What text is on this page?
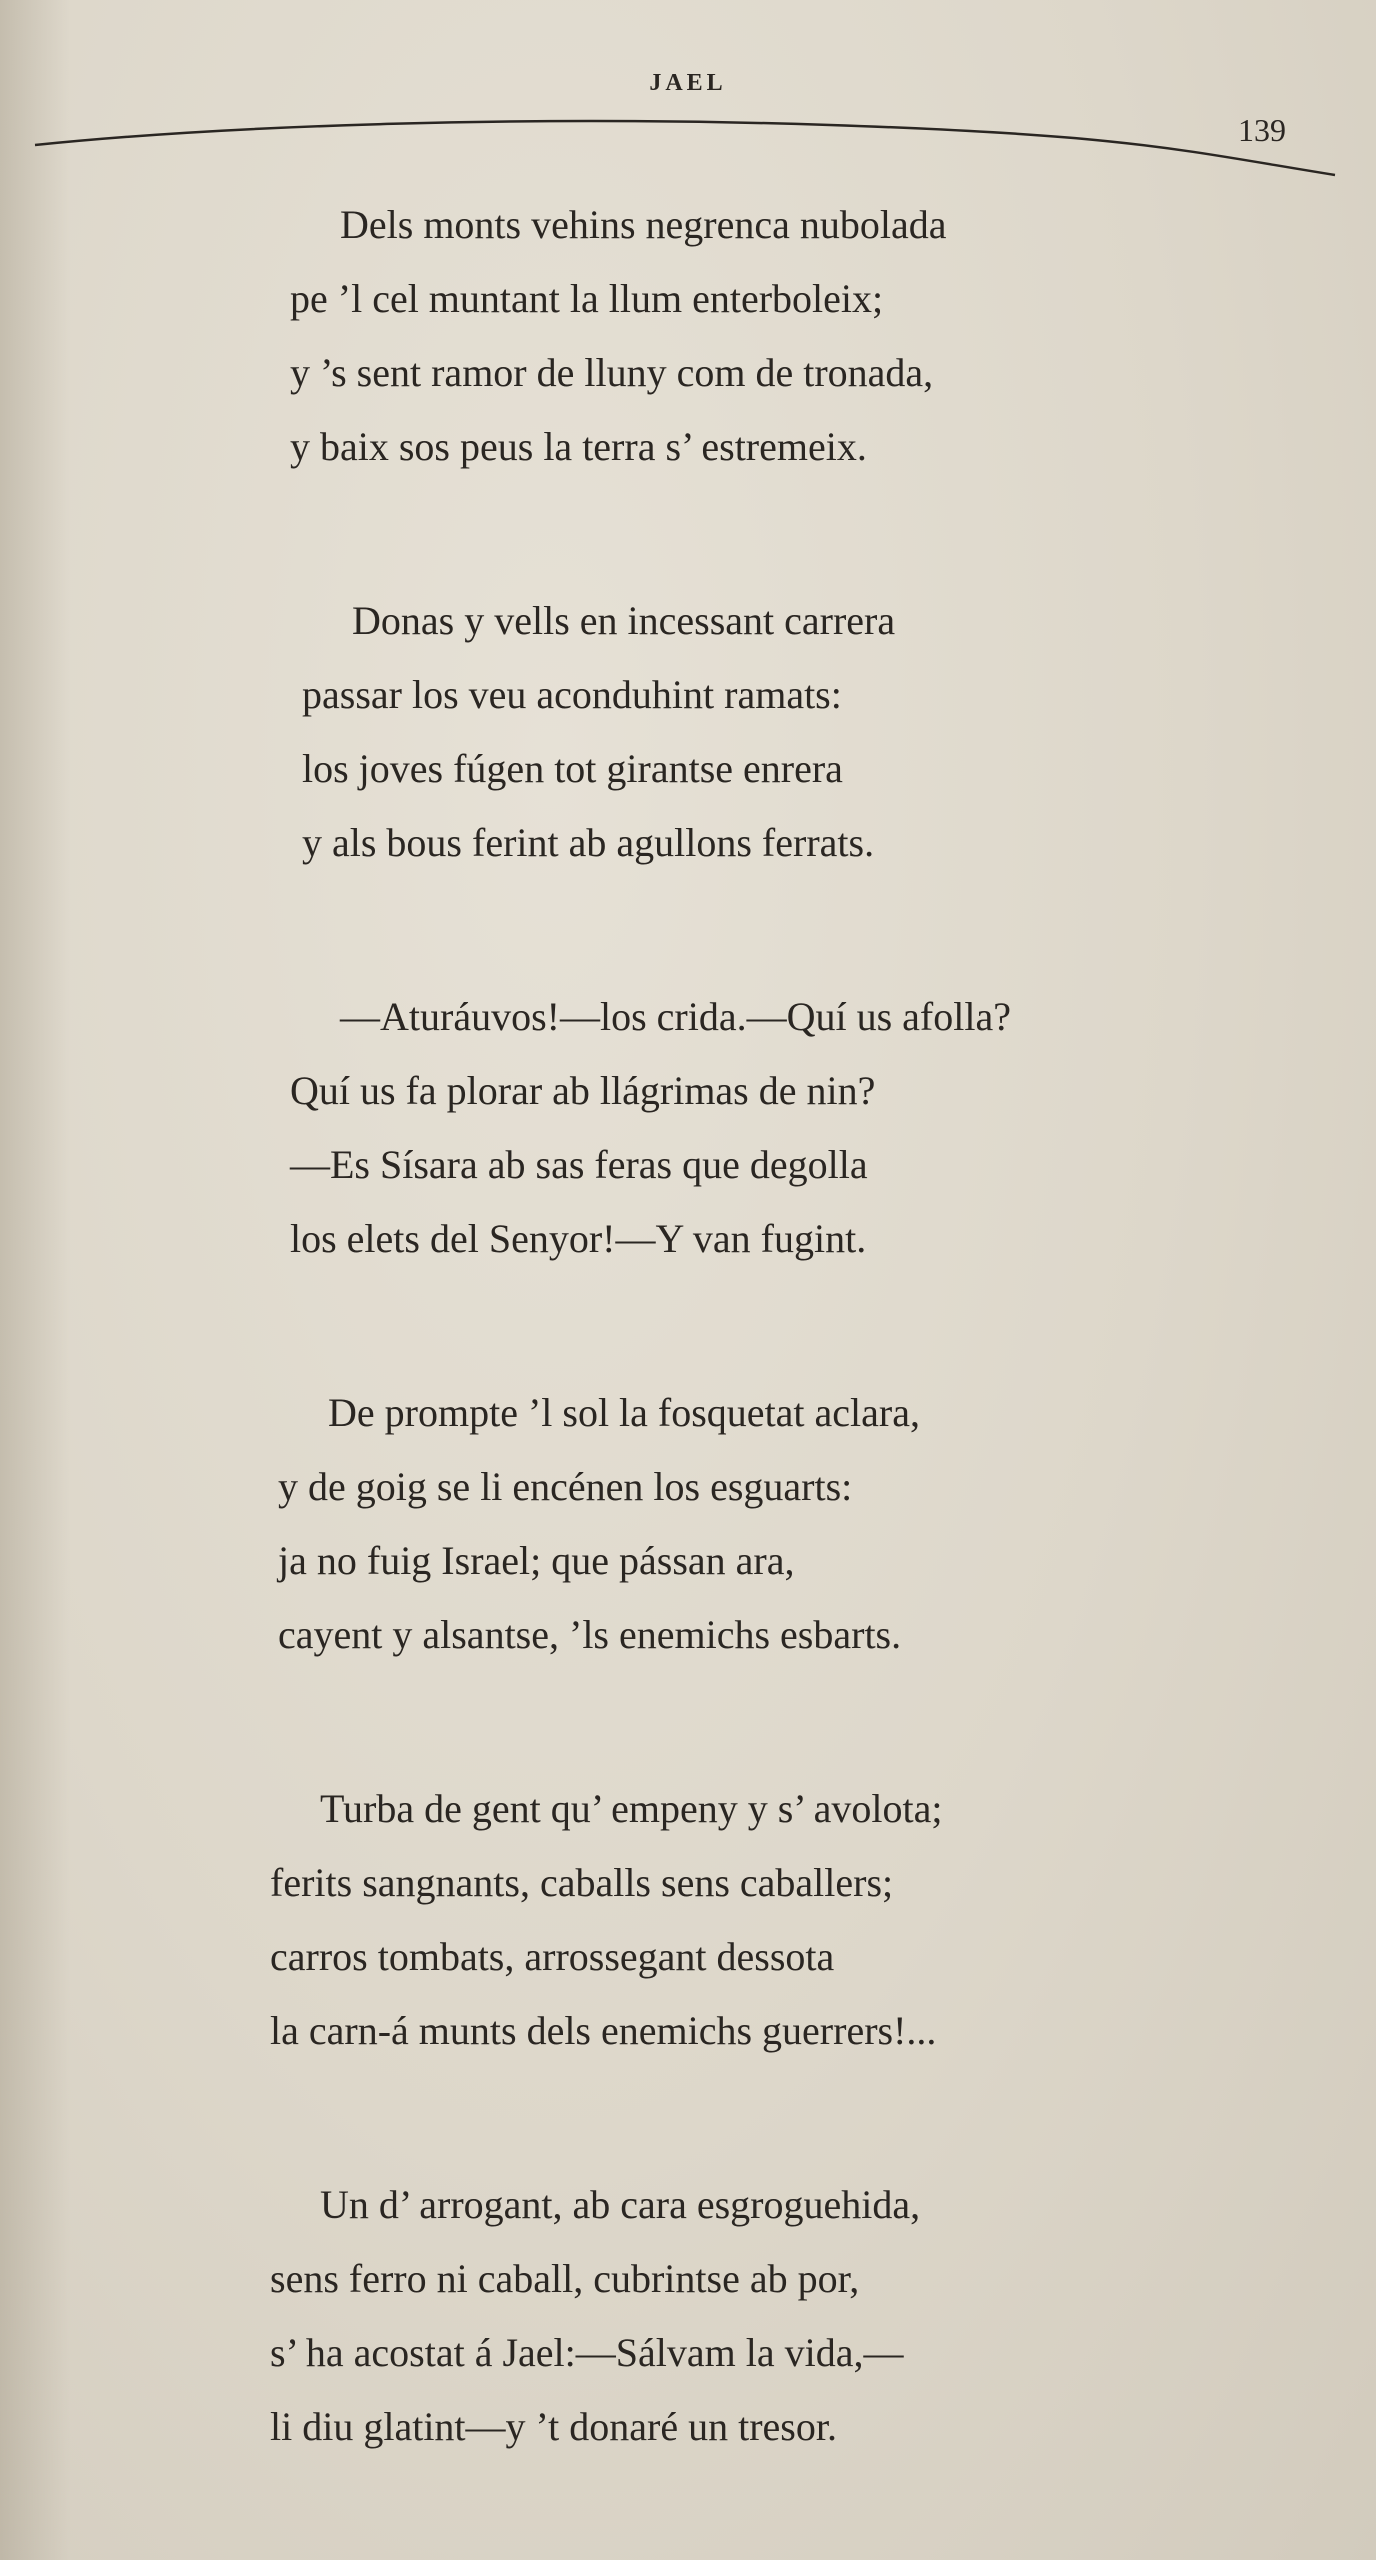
JAEL
139
Dels monts vehins negrenca nubolada
pe ’l cel muntant la llum enterboleix;
y ’s sent ramor de lluny com de tronada,
y baix sos peus la terra s’ estremeix.
Donas y vells en incessant carrera
passar los veu aconduhint ramats:
los joves fúgen tot girantse enrera
y als bous ferint ab agullons ferrats.
—Aturáuvos!—los crida.—Quí us afolla?
Quí us fa plorar ab llágrimas de nin?
—Es Sísara ab sas feras que degolla
los elets del Senyor!—Y van fugint.
De prompte ’l sol la fosquetat aclara,
y de goig se li encénen los esguarts:
ja no fuig Israel; que pássan ara,
cayent y alsantse, ’ls enemichs esbarts.
Turba de gent qu’ empeny y s’ avolota;
ferits sangnants, caballs sens caballers;
carros tombats, arrossegant dessota
la carn-á munts dels enemichs guerrers!...
Un d’ arrogant, ab cara esgroguehida,
sens ferro ni caball, cubrintse ab por,
s’ ha acostat á Jael:—Sálvam la vida,—
li diu glatint—y ’t donaré un tresor.
